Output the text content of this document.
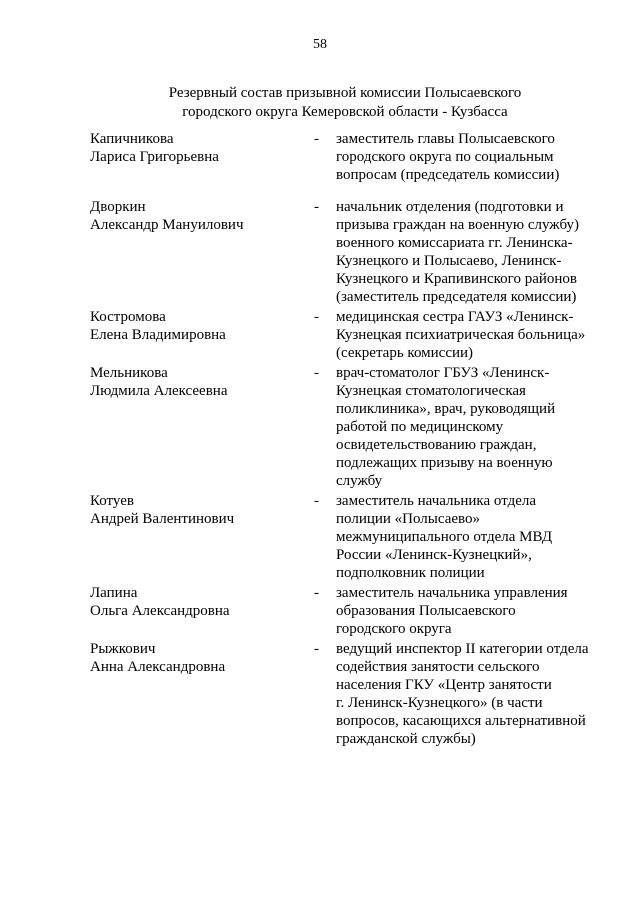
58
Резервный состав призывной комиссии Полысаевского
городского округа Кемеровской области - Кузбасса
Капичникова
Лариса Григорьевна
-	заместитель главы Полысаевского
городского округа по социальным
вопросам (председатель комиссии)
Дворкин
Александр Мануилович
-	начальник отделения (подготовки и
призыва граждан на военную службу)
военного комиссариата гг. Ленинска-
Кузнецкого и Полысаево, Ленинск-
Кузнецкого и Крапивинского районов
(заместитель председателя комиссии)
Костромова
Елена Владимировна
-	медицинская сестра ГАУЗ «Ленинск-
Кузнецкая психиатрическая больница»
(секретарь комиссии)
Мельникова
Людмила Алексеевна
-	врач-стоматолог ГБУЗ «Ленинск-
Кузнецкая стоматологическая
поликлиника», врач, руководящий
работой по медицинскому
освидетельствованию граждан,
подлежащих призыву на военную
службу
Котуев
Андрей Валентинович
-	заместитель начальника отдела
полиции «Полысаево»
межмуниципального отдела МВД
России «Ленинск-Кузнецкий»,
подполковник полиции
Лапина
Ольга Александровна
-	заместитель начальника управления
образования Полысаевского
городского округа
Рыжкович
Анна Александровна
-	ведущий инспектор II категории отдела
содействия занятости сельского
населения ГКУ «Центр занятости
г. Ленинск-Кузнецкого» (в части
вопросов, касающихся альтернативной
гражданской службы)
